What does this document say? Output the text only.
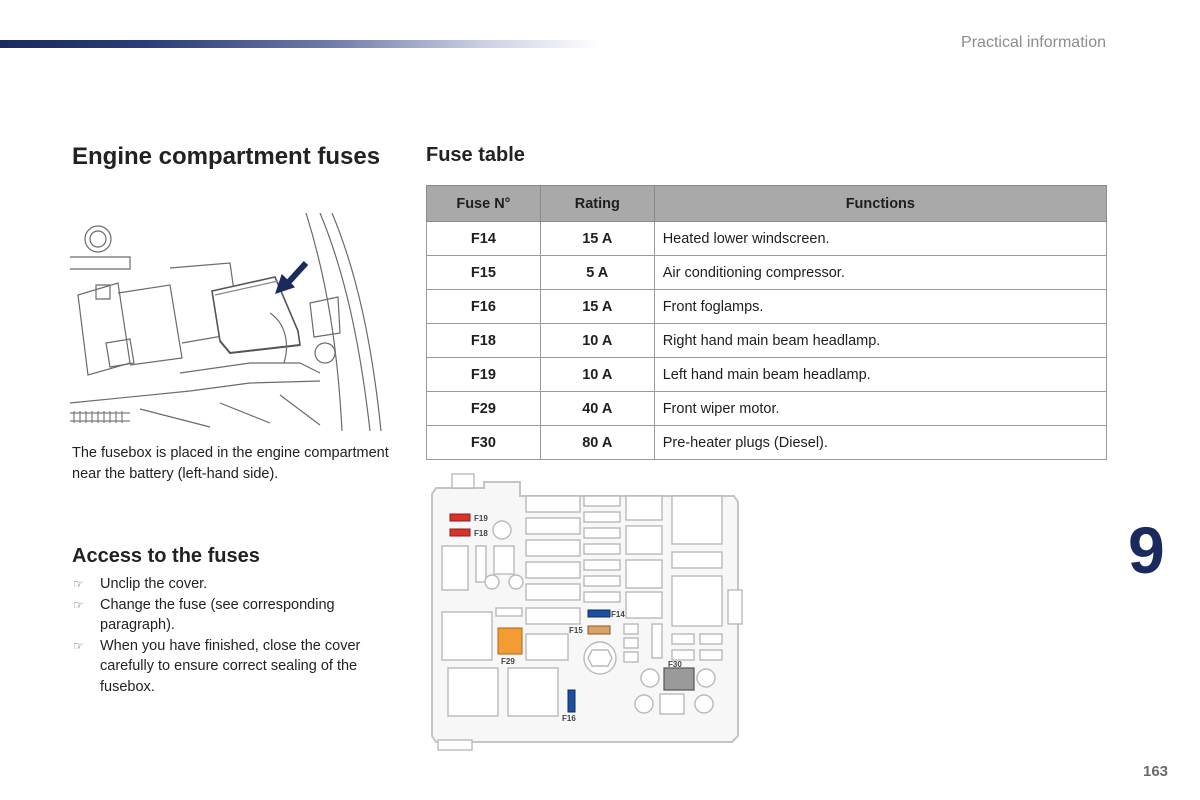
Practical information
Engine compartment fuses Fuse table

The fusebox is placed in the engine compartment near the battery (left-hand side).

Access to the fuses
☞ Unclip the cover.
☞ Change the fuse (see corresponding paragraph).
☞ When you have finished, close the cover carefully to ensure correct sealing of the fusebox.
Fuse N°	Rating	Functions
F14	15 A	Heated lower windscreen.
F15	5 A	Air conditioning compressor.
F16	15 A	Front foglamps.
F18	10 A	Right hand main beam headlamp.
F19	10 A	Left hand main beam headlamp.
F29	40 A	Front wiper motor.
F30	80 A	Pre-heater plugs (Diesel).
F19
F18
F14
F15
F29	F30
F16
9
163
